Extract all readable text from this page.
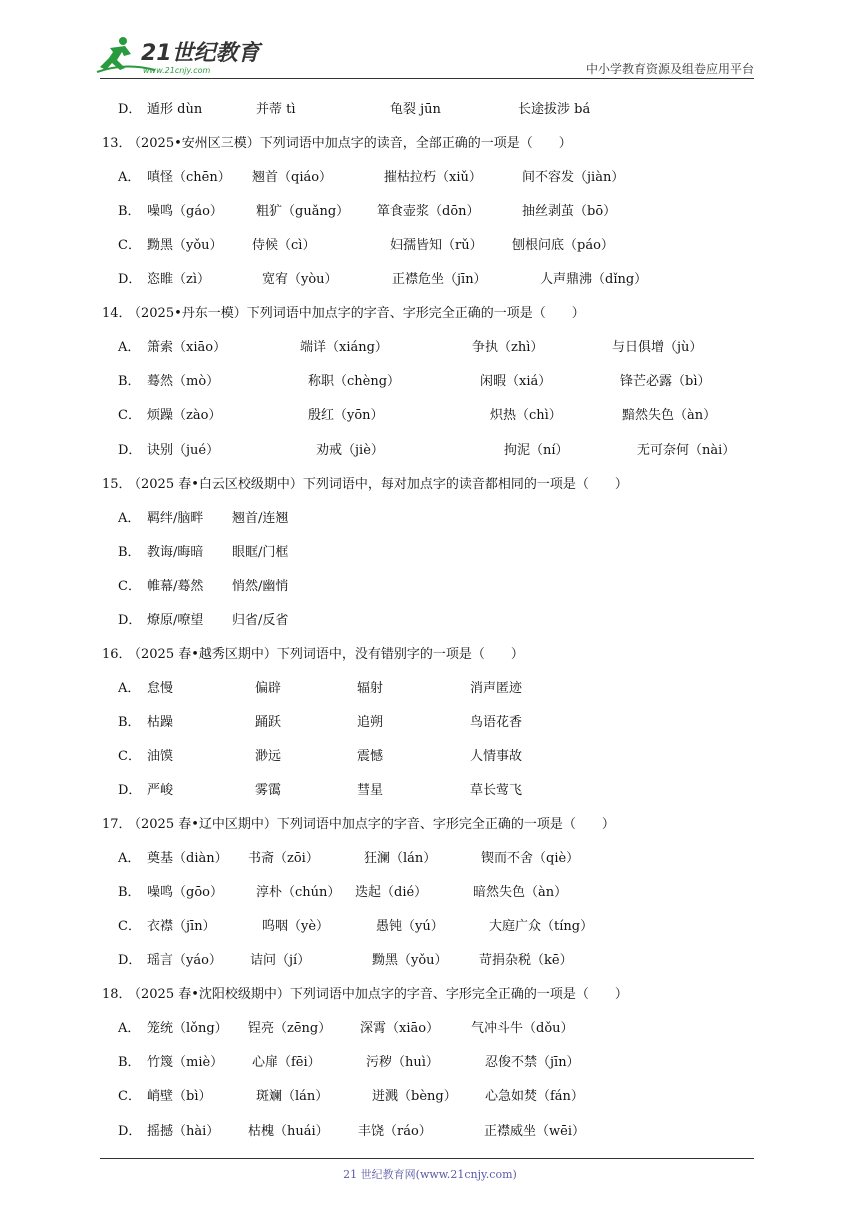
21世纪教育
www.21cnjy.com	中小学教育资源及组卷应用平台
D． 遁形 dùn	并蒂 tì	龟裂 jūn	长途拔涉 bá
13．（2025•安州区三模）下列词语中加点字的读音，全部正确的一项是（　　）
A． 嗔怪（chēn） 翘首（qiáo）	摧枯拉朽（xiǔ）	间不容发（jiàn）
B． 噪鸣（gáo）	粗犷（guǎng） 箪食壶浆（dōn）	抽丝剥茧（bō）
C． 黝黑（yǒu） 侍候（cì）	妇孺皆知（rǔ） 刨根问底（páo）
D． 恣睢（zì）	宽宥（yòu）	正襟危坐（jīn）	人声鼎沸（dǐng）
14．（2025•丹东一模）下列词语中加点字的字音、字形完全正确的一项是（　　）
A． 箫索（xiāo）	端详（xiáng）	争执（zhì）	与日俱增（jù）
B． 蓦然（mò）	称职（chèng）	闲暇（xiá）	锋芒必露（bì）
C． 烦躁（zào）	殷红（yōn）	炽热（chì）	黯然失色（àn）
D． 诀别（jué）	劝戒（jiè）	拘泥（ní）	无可奈何（nài）
15．（2025 春•白云区校级期中）下列词语中，每对加点字的读音都相同的一项是（　　）
A． 羁绊/脑畔 翘首/连翘
B． 教诲/晦暗 眼眶/门框
C． 帷幕/蓦然 悄然/幽悄
D． 燎原/嘹望 归省/反省
16．（2025 春•越秀区期中）下列词语中，没有错别字的一项是（　　）
A． 怠慢	偏辟	辐射	消声匿迹
B． 枯躁	踊跃	追朔	鸟语花香
C． 油馍	渺远	震憾	人情事故
D． 严峻	雾霭	彗星	草长莺飞
17．（2025 春•辽中区期中）下列词语中加点字的字音、字形完全正确的一项是（　　）
A． 奠基（diàn） 书斋（zōi）	狂澜（lán）	锲而不舍（qiè）
B． 噪鸣（gōo）	淳朴（chún） 迭起（dié）	暗然失色（àn）
C． 衣襟（jīn）	呜咽（yè）	愚钝（yú）	大庭广众（tíng）
D． 瑶言（yáo） 诘问（jí）	黝黑（yǒu） 苛捐杂税（kē）
18．（2025 春•沈阳校级期中）下列词语中加点字的字音、字形完全正确的一项是（　　）
A． 笼统（lǒng） 锃亮（zēng） 深霄（xiāo） 气冲斗牛（dǒu）
B． 竹篾（miè） 心扉（fēi）	污秽（huì）	忍俊不禁（jīn）
C． 峭壁（bì）	斑斓（lán）	迸溅（bèng） 心急如焚（fán）
D． 摇撼（hài） 枯槐（huái） 丰饶（ráo）	正襟威坐（wēi）
21 世纪教育网(www.21cnjy.com)
